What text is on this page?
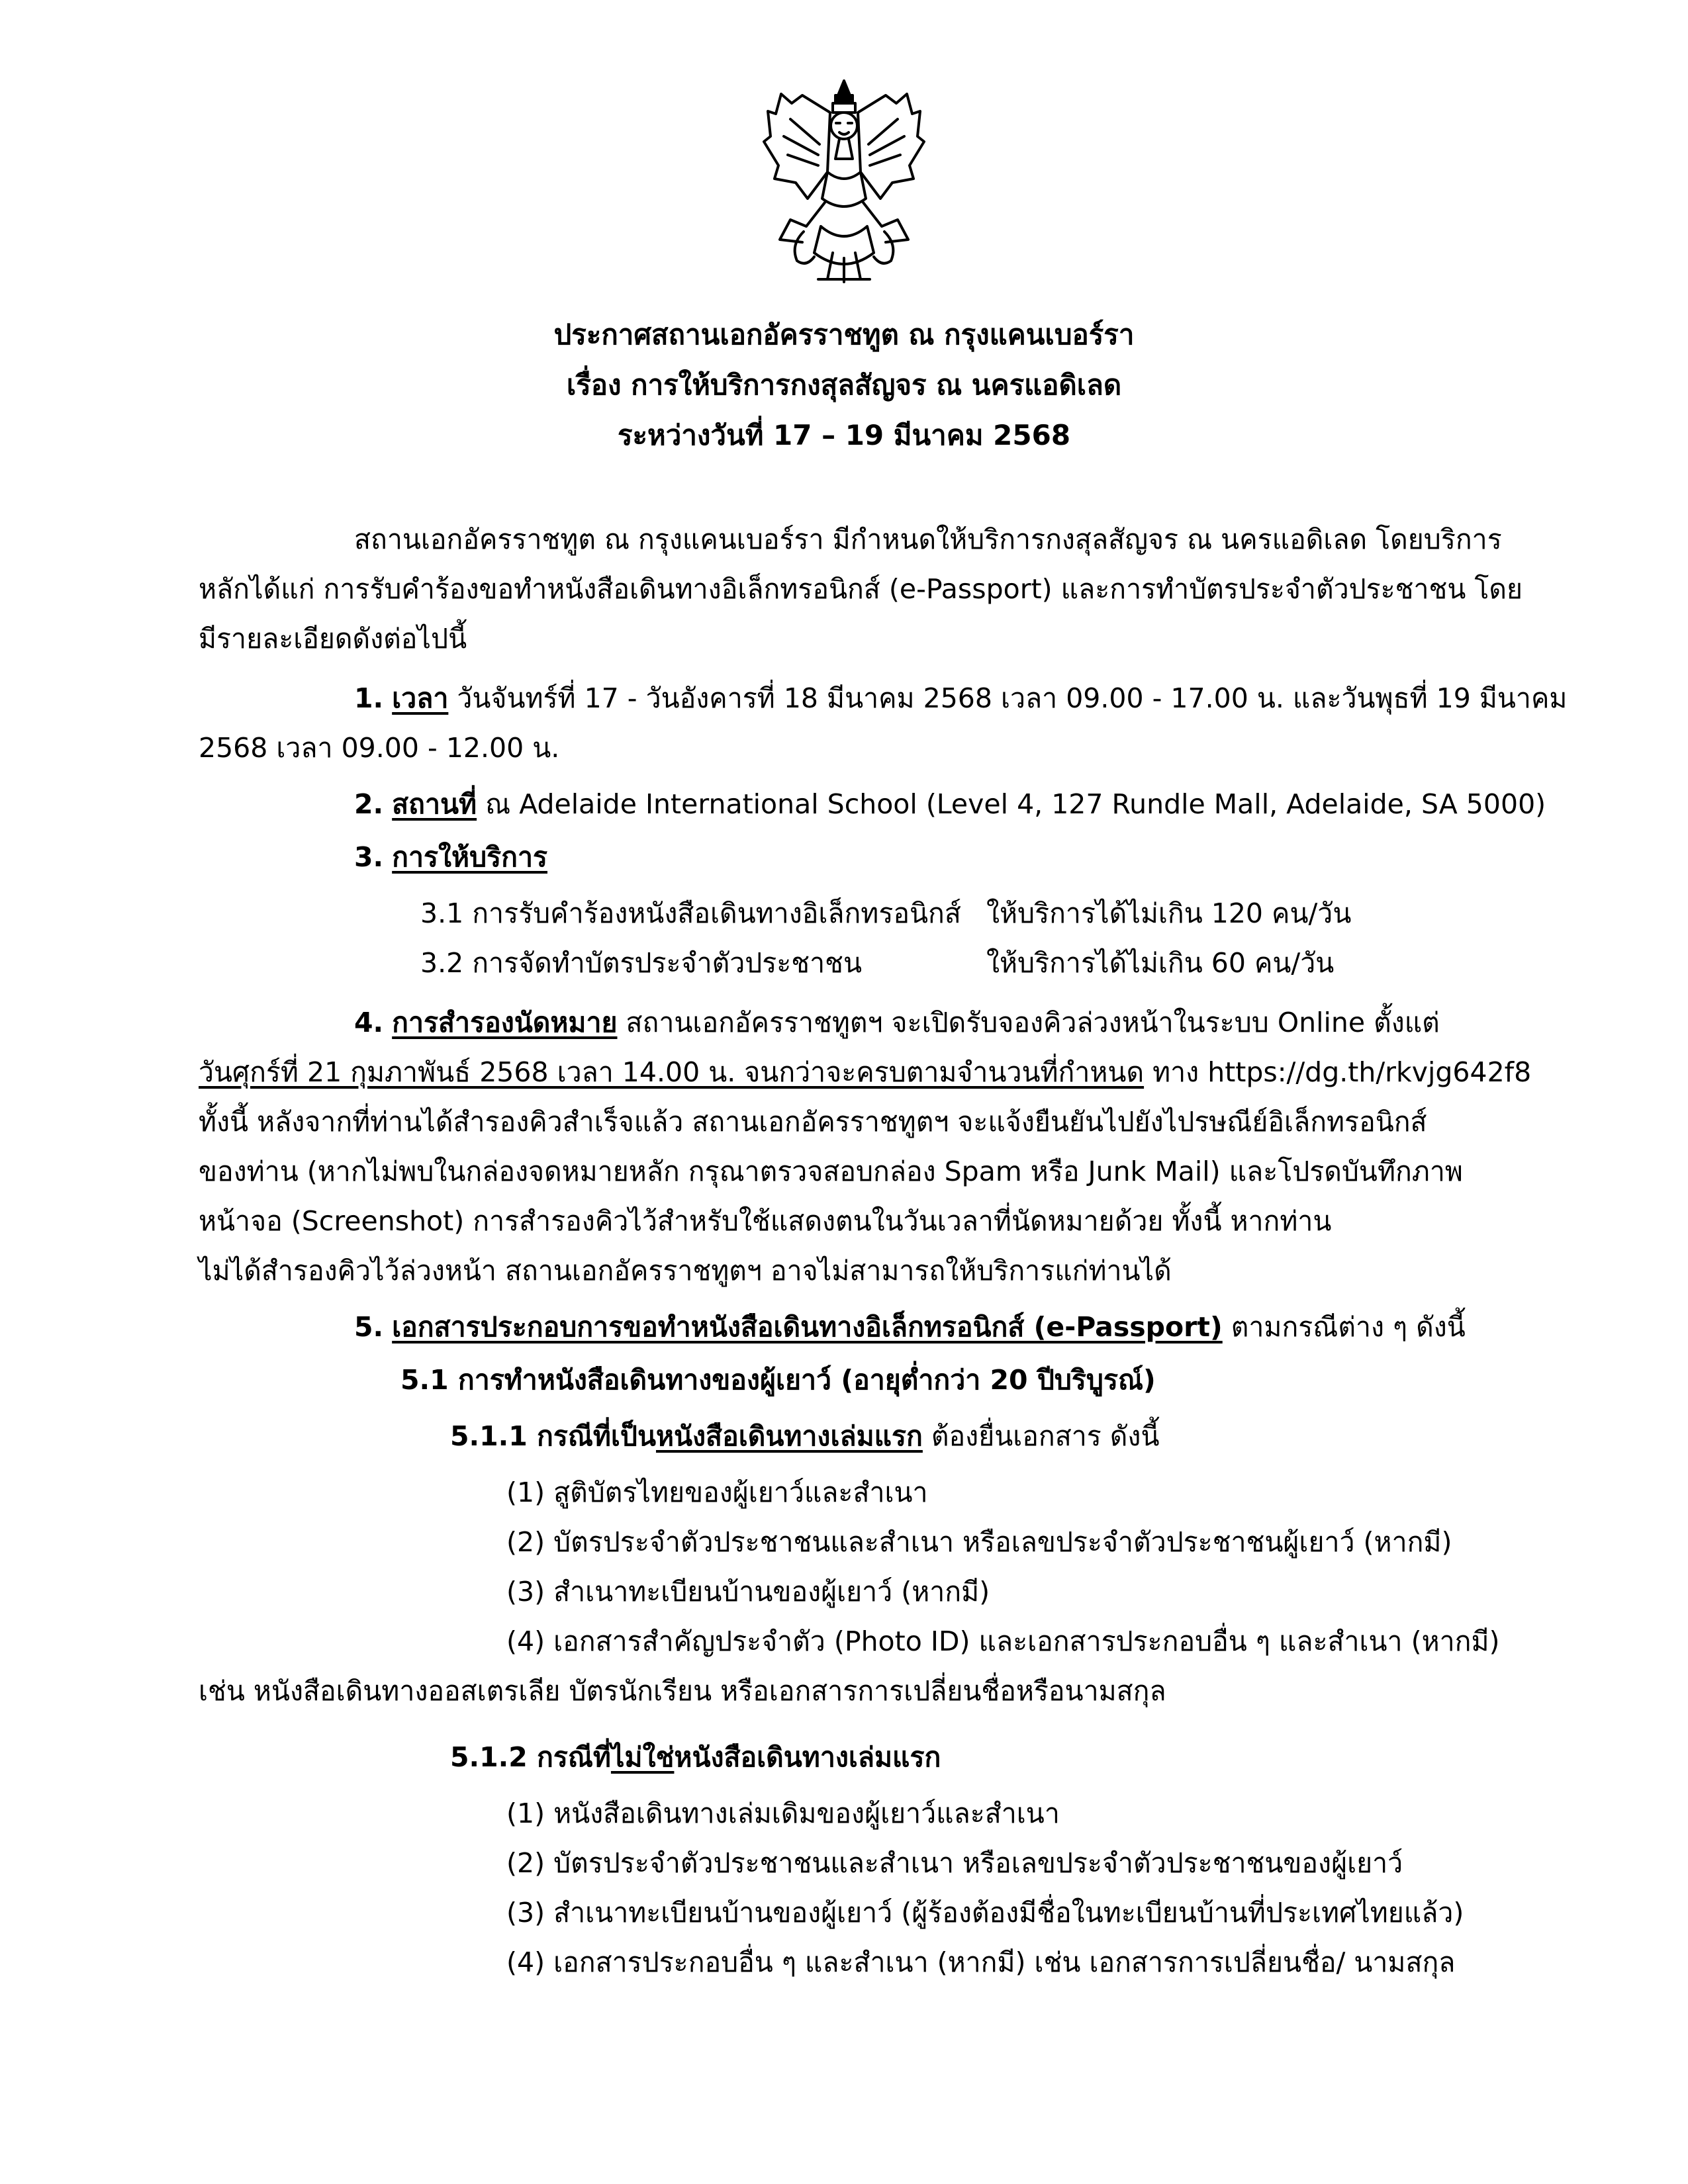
ประกาศสถานเอกอัครราชทูต ณ กรุงแคนเบอร์รา
เรื่อง การให้บริการกงสุลสัญจร ณ นครแอดิเลด
ระหว่างวันที่ 17 – 19 มีนาคม 2568
สถานเอกอัครราชทูต ณ กรุงแคนเบอร์รา มีกำหนดให้บริการกงสุลสัญจร ณ นครแอดิเลด โดยบริการ
หลักได้แก่ การรับคำร้องขอทำหนังสือเดินทางอิเล็กทรอนิกส์ (e-Passport) และการทำบัตรประจำตัวประชาชน โดย
มีรายละเอียดดังต่อไปนี้
1. เวลา วันจันทร์ที่ 17 - วันอังคารที่ 18 มีนาคม 2568 เวลา 09.00 - 17.00 น. และวันพุธที่ 19 มีนาคม
2568 เวลา 09.00 - 12.00 น.
2. สถานที่ ณ Adelaide International School (Level 4, 127 Rundle Mall, Adelaide, SA 5000)
3. การให้บริการ
3.1 การรับคำร้องหนังสือเดินทางอิเล็กทรอนิกส์ ให้บริการได้ไม่เกิน 120 คน/วัน
3.2 การจัดทำบัตรประจำตัวประชาชน	ให้บริการได้ไม่เกิน 60 คน/วัน
4. การสำรองนัดหมาย สถานเอกอัครราชทูตฯ จะเปิดรับจองคิวล่วงหน้าในระบบ Online ตั้งแต่
วันศุกร์ที่ 21 กุมภาพันธ์ 2568 เวลา 14.00 น. จนกว่าจะครบตามจำนวนที่กำหนด ทาง https://dg.th/rkvjg642f8
ทั้งนี้ หลังจากที่ท่านได้สำรองคิวสำเร็จแล้ว สถานเอกอัครราชทูตฯ จะแจ้งยืนยันไปยังไปรษณีย์อิเล็กทรอนิกส์
ของท่าน (หากไม่พบในกล่องจดหมายหลัก กรุณาตรวจสอบกล่อง Spam หรือ Junk Mail) และโปรดบันทึกภาพ
หน้าจอ (Screenshot) การสำรองคิวไว้สำหรับใช้แสดงตนในวันเวลาที่นัดหมายด้วย ทั้งนี้ หากท่าน
ไม่ได้สำรองคิวไว้ล่วงหน้า สถานเอกอัครราชทูตฯ อาจไม่สามารถให้บริการแก่ท่านได้
5. เอกสารประกอบการขอทำหนังสือเดินทางอิเล็กทรอนิกส์ (e-Passport) ตามกรณีต่าง ๆ ดังนี้
5.1 การทำหนังสือเดินทางของผู้เยาว์ (อายุต่ำกว่า 20 ปีบริบูรณ์)
5.1.1 กรณีที่เป็นหนังสือเดินทางเล่มแรก ต้องยื่นเอกสาร ดังนี้
(1) สูติบัตรไทยของผู้เยาว์และสำเนา
(2) บัตรประจำตัวประชาชนและสำเนา หรือเลขประจำตัวประชาชนผู้เยาว์ (หากมี)
(3) สำเนาทะเบียนบ้านของผู้เยาว์ (หากมี)
(4) เอกสารสำคัญประจำตัว (Photo ID) และเอกสารประกอบอื่น ๆ และสำเนา (หากมี)
เช่น หนังสือเดินทางออสเตรเลีย บัตรนักเรียน หรือเอกสารการเปลี่ยนชื่อหรือนามสกุล
5.1.2 กรณีที่ไม่ใช่หนังสือเดินทางเล่มแรก
(1) หนังสือเดินทางเล่มเดิมของผู้เยาว์และสำเนา
(2) บัตรประจำตัวประชาชนและสำเนา หรือเลขประจำตัวประชาชนของผู้เยาว์
(3) สำเนาทะเบียนบ้านของผู้เยาว์ (ผู้ร้องต้องมีชื่อในทะเบียนบ้านที่ประเทศไทยแล้ว)
(4) เอกสารประกอบอื่น ๆ และสำเนา (หากมี) เช่น เอกสารการเปลี่ยนชื่อ/ นามสกุล
